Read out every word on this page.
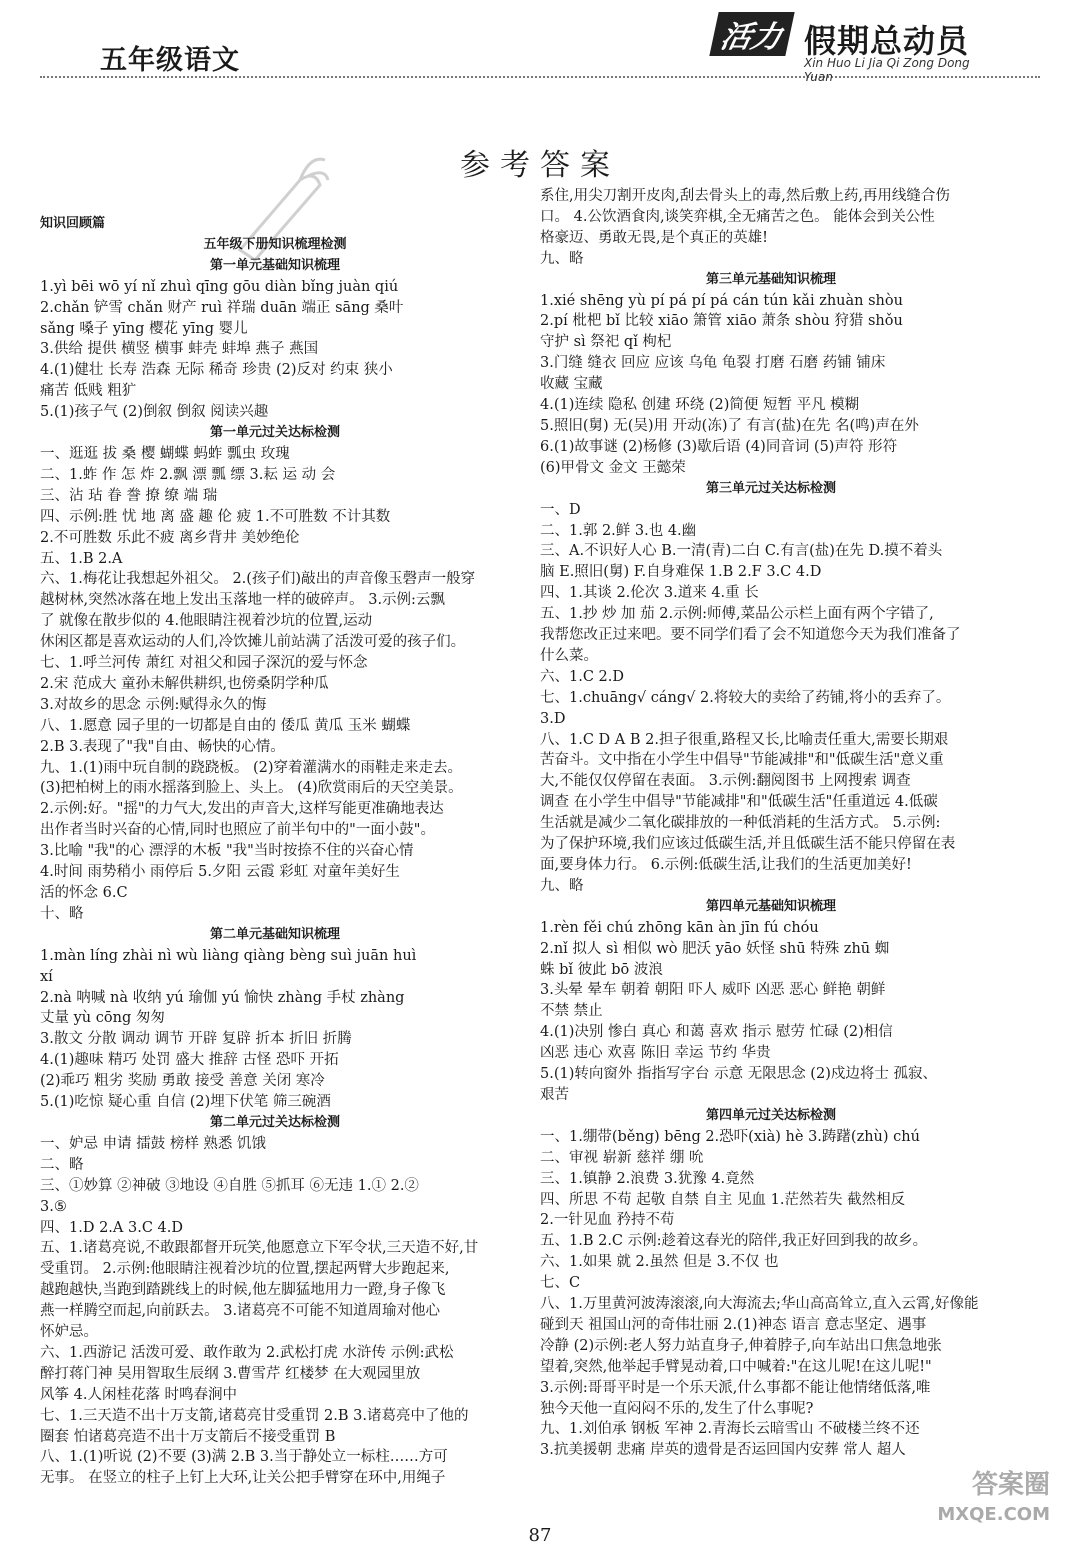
五年级语文
活力 假期总动员
Xin Huo Li Jia Qi Zong Dong Yuan
参考答案
知识回顾篇
五年级下册知识梳理检测
第一单元基础知识梳理
1.yì bēi wō yí nǐ zhuì qīng gōu diàn bǐng juàn qiú
2.chǎn 铲雪 chǎn 财产 ruì 祥瑞 duān 端正 sāng 桑叶
sǎng 嗓子 yīng 樱花 yīng 婴儿
3.供给 提供 横竖 横事 蚌壳 蚌埠 燕子 燕国
4.(1)健壮 长寿 浩森 无际 稀奇 珍贵 (2)反对 约束 狭小
痛苦 低贱 粗犷
5.(1)孩子气 (2)倒叙 倒叙 阅读兴趣
第一单元过关达标检测
一、逛逛 拔 桑 樱 蝴蝶 蚂蚱 瓢虫 玫瑰
二、1.蚱 作 怎 炸 2.飘 漂 瓢 缥 3.耘 运 动 会
三、沾 玷 眷 誊 撩 缭 端 瑞
四、示例:胜 忧 地 离 盛 趣 伦 疲 1.不可胜数 不计其数
2.不可胜数 乐此不疲 离乡背井 美妙绝伦
五、1.B 2.A
六、1.梅花让我想起外祖父。 2.(孩子们)敲出的声音像玉磬声一般穿
越树林,突然冰落在地上发出玉落地一样的破碎声。 3.示例:云飘
了 就像在散步似的 4.他眼睛注视着沙坑的位置,运动
休闲区都是喜欢运动的人们,冷饮摊儿前站满了活泼可爱的孩子们。
七、1.呼兰河传 萧红 对祖父和园子深沉的爱与怀念
2.宋 范成大 童孙未解供耕织,也傍桑阴学种瓜
3.对故乡的思念 示例:赋得永久的悔
八、1.愿意 园子里的一切都是自由的 倭瓜 黄瓜 玉米 蝴蝶
2.B 3.表现了"我"自由、畅快的心情。
九、1.(1)雨中玩自制的跷跷板。 (2)穿着灌满水的雨鞋走来走去。
(3)把柏树上的雨水摇落到脸上、头上。 (4)欣赏雨后的天空美景。
2.示例:好。"摇"的力气大,发出的声音大,这样写能更准确地表达
出作者当时兴奋的心情,同时也照应了前半句中的"一面小鼓"。
3.比喻 "我"的心 漂浮的木板 "我"当时按捺不住的兴奋心情
4.时间 雨势稍小 雨停后 5.夕阳 云霞 彩虹 对童年美好生
活的怀念 6.C
十、略
第二单元基础知识梳理
1.màn líng zhài nì wù liàng qiàng bèng suì juān huì
xí
2.nà 呐喊 nà 收纳 yú 瑜伽 yú 愉快 zhàng 手杖 zhàng
丈量 yù cōng 匆匆
3.散文 分散 调动 调节 开辟 复辟 折本 折旧 折腾
4.(1)趣味 精巧 处罚 盛大 推辞 古怪 恐吓 开拓
(2)乖巧 粗劣 奖励 勇敢 接受 善意 关闭 寒冷
5.(1)吃惊 疑心重 自信 (2)埋下伏笔 筛三碗酒
第二单元过关达标检测
一、妒忌 申请 擂鼓 榜样 熟悉 饥饿
二、略
三、①妙算 ②神破 ③地设 ④自胜 ⑤抓耳 ⑥无违 1.① 2.②
3.⑤
四、1.D 2.A 3.C 4.D
五、1.诸葛亮说,不敢跟都督开玩笑,他愿意立下军令状,三天造不好,甘
受重罚。 2.示例:他眼睛注视着沙坑的位置,摆起两臂大步跑起来,
越跑越快,当跑到踏跳线上的时候,他左脚猛地用力一蹬,身子像飞
燕一样腾空而起,向前跃去。 3.诸葛亮不可能不知道周瑜对他心
怀妒忌。
六、1.西游记 活泼可爱、敢作敢为 2.武松打虎 水浒传 示例:武松
醉打蒋门神 吴用智取生辰纲 3.曹雪芹 红楼梦 在大观园里放
风筝 4.人闲桂花落 时鸣春涧中
七、1.三天造不出十万支箭,诸葛亮甘受重罚 2.B 3.诸葛亮中了他的
圈套 怕诸葛亮造不出十万支箭后不接受重罚 B
八、1.(1)听说 (2)不要 (3)满 2.B 3.当于静处立一标柱……方可
无事。 在竖立的柱子上钉上大环,让关公把手臂穿在环中,用绳子
系住,用尖刀割开皮肉,刮去骨头上的毒,然后敷上药,再用线缝合伤
口。 4.公饮酒食肉,谈笑弈棋,全无痛苦之色。 能体会到关公性
格豪迈、勇敢无畏,是个真正的英雄!
九、略
第三单元基础知识梳理
1.xié shēng yù pí pá pí pá cán tún kǎi zhuàn shòu
2.pí 枇杷 bǐ 比较 xiāo 箫管 xiāo 萧条 shòu 狩猎 shǒu
守护 sì 祭祀 qǐ 枸杞
3.门缝 缝衣 回应 应该 乌龟 龟裂 打磨 石磨 药铺 铺床
收藏 宝藏
4.(1)连续 隐私 创建 环绕 (2)简便 短暂 平凡 模糊
5.照旧(舅) 无(吴)用 开动(冻)了 有言(盐)在先 名(鸣)声在外
6.(1)故事谜 (2)杨修 (3)歇后语 (4)同音词 (5)声符 形符
(6)甲骨文 金文 王懿荣
第三单元过关达标检测
一、D
二、1.郭 2.鲜 3.也 4.幽
三、A.不识好人心 B.一清(青)二白 C.有言(盐)在先 D.摸不着头
脑 E.照旧(舅) F.自身难保 1.B 2.F 3.C 4.D
四、1.其谈 2.伦次 3.道来 4.重 长
五、1.抄 炒 加 茄 2.示例:师傅,菜品公示栏上面有两个字错了,
我帮您改正过来吧。要不同学们看了会不知道您今天为我们准备了
什么菜。
六、1.C 2.D
七、1.chuāng√ cáng√ 2.将较大的卖给了药铺,将小的丢弃了。
3.D
八、1.C D A B 2.担子很重,路程又长,比喻责任重大,需要长期艰
苦奋斗。文中指在小学生中倡导"节能减排"和"低碳生活"意义重
大,不能仅仅停留在表面。 3.示例:翻阅图书 上网搜索 调查
调查 在小学生中倡导"节能减排"和"低碳生活"任重道远 4.低碳
生活就是减少二氧化碳排放的一种低消耗的生活方式。 5.示例:
为了保护环境,我们应该过低碳生活,并且低碳生活不能只停留在表
面,要身体力行。 6.示例:低碳生活,让我们的生活更加美好!
九、略
第四单元基础知识梳理
1.rèn fěi chú zhōng kān àn jīn fú chóu
2.nǐ 拟人 sì 相似 wò 肥沃 yāo 妖怪 shū 特殊 zhū 蜘
蛛 bǐ 彼此 bō 波浪
3.头晕 晕车 朝着 朝阳 吓人 威吓 凶恶 恶心 鲜艳 朝鲜
不禁 禁止
4.(1)决别 惨白 真心 和蔼 喜欢 指示 慰劳 忙碌 (2)相信
凶恶 违心 欢喜 陈旧 幸运 节约 华贵
5.(1)转向窗外 指指写字台 示意 无限思念 (2)戍边将士 孤寂、
艰苦
第四单元过关达标检测
一、1.绷带(běng) bēng 2.恐吓(xià) hè 3.踌躇(zhù) chú
二、审视 崭新 慈祥 绷 吮
三、1.镇静 2.浪费 3.犹豫 4.竟然
四、所思 不苟 起敬 自禁 自主 见血 1.茫然若失 截然相反
2.一针见血 矜持不苟
五、1.B 2.C 示例:趁着这春光的陪伴,我正好回到我的故乡。
六、1.如果 就 2.虽然 但是 3.不仅 也
七、C
八、1.万里黄河波涛滚滚,向大海流去;华山高高耸立,直入云霄,好像能
碰到天 祖国山河的奇伟壮丽 2.(1)神态 语言 意志坚定、遇事
冷静 (2)示例:老人努力站直身子,伸着脖子,向车站出口焦急地张
望着,突然,他举起手臂晃动着,口中喊着:"在这儿呢!在这儿呢!"
3.示例:哥哥平时是一个乐天派,什么事都不能让他情绪低落,唯
独今天他一直闷闷不乐的,发生了什么事呢?
九、1.刘伯承 钢板 军神 2.青海长云暗雪山 不破楼兰终不还
3.抗美援朝 悲痛 岸英的遗骨是否运回国内安葬 常人 超人
87
答案圈
MXQE.COM
